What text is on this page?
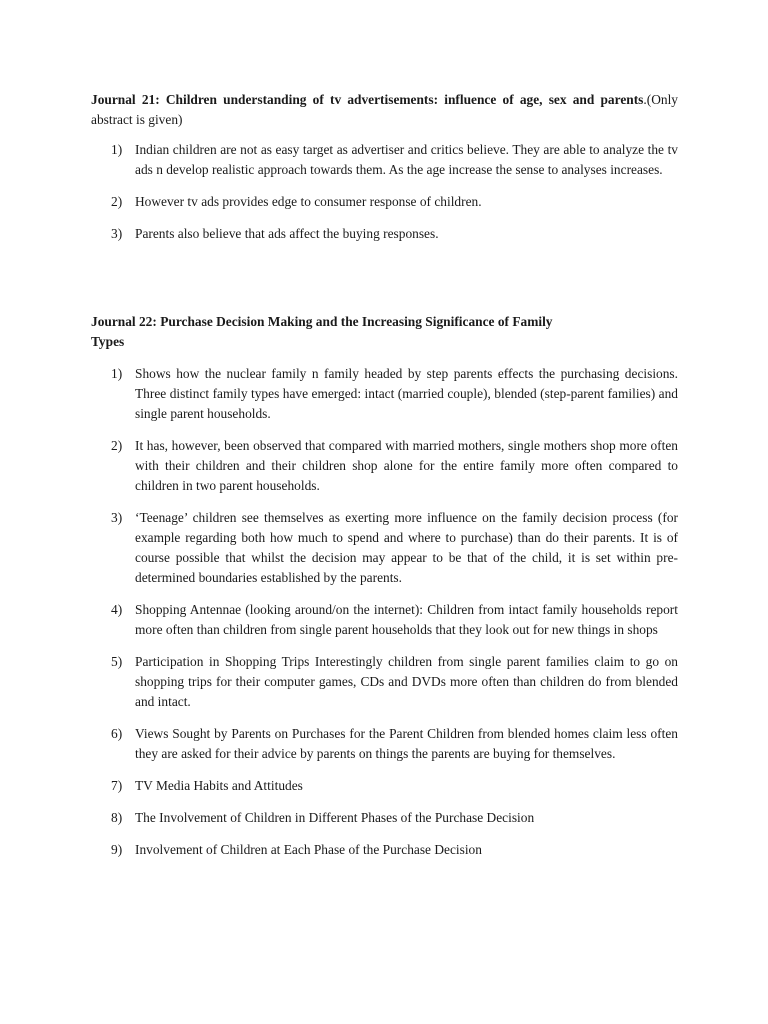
Journal 21: Children understanding of tv advertisements: influence of age, sex and parents.(Only abstract is given)

1) Indian children are not as easy target as advertiser and critics believe. They are able to analyze the tv ads n develop realistic approach towards them. As the age increase the sense to analyses increases.
2) However tv ads provides edge to consumer response of children.
3) Parents also believe that ads affect the buying responses.

Journal 22: Purchase Decision Making and the Increasing Significance of Family
Types

1) Shows how the nuclear family n family headed by step parents effects the purchasing decisions. Three distinct family types have emerged: intact (married couple), blended (step-parent families) and single parent households.
2) It has, however, been observed that compared with married mothers, single mothers shop more often with their children and their children shop alone for the entire family more often compared to children in two parent households.
3) ‘Teenage’ children see themselves as exerting more influence on the family decision process (for example regarding both how much to spend and where to purchase) than do their parents. It is of course possible that whilst the decision may appear to be that of the child, it is set within pre-determined boundaries established by the parents.
4) Shopping Antennae (looking around/on the internet): Children from intact family households report more often than children from single parent households that they look out for new things in shops
5) Participation in Shopping Trips Interestingly children from single parent families claim to go on shopping trips for their computer games, CDs and DVDs more often than children do from blended and intact.
6) Views Sought by Parents on Purchases for the Parent Children from blended homes claim less often they are asked for their advice by parents on things the parents are buying for themselves.
7) TV Media Habits and Attitudes
8) The Involvement of Children in Different Phases of the Purchase Decision
9) Involvement of Children at Each Phase of the Purchase Decision
